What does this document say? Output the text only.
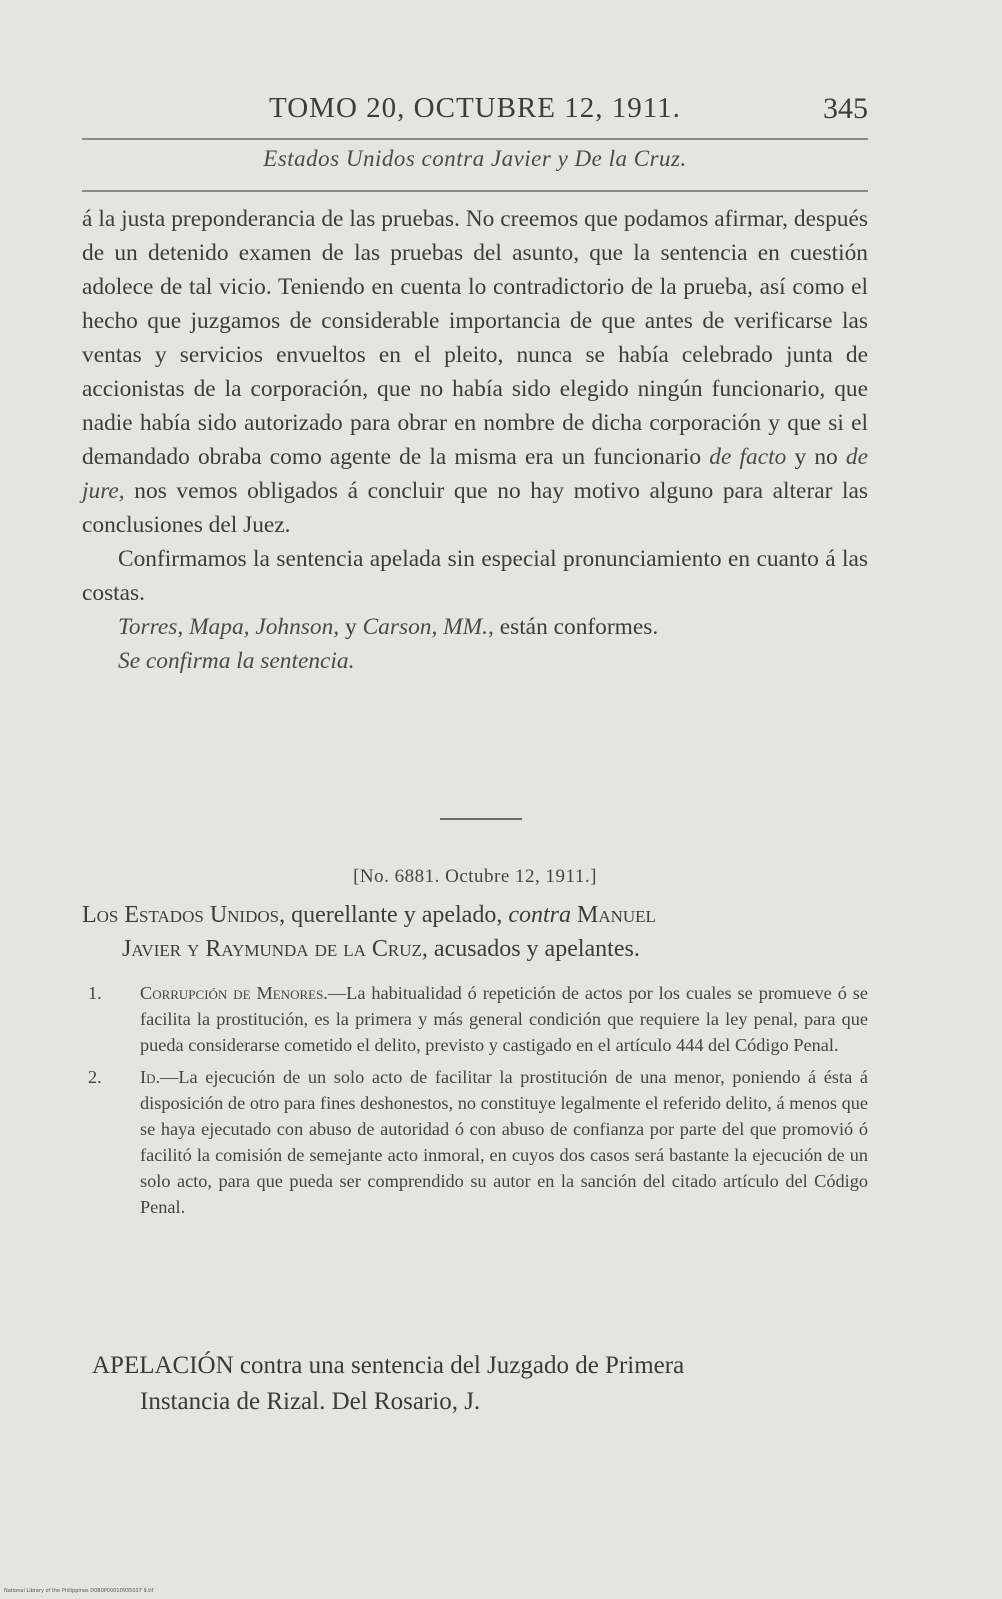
TOMO 20, OCTUBRE 12, 1911.	345
Estados Unidos contra Javier y De la Cruz.

á la justa preponderancia de las pruebas. No creemos que podamos afirmar, después de un detenido examen de las pruebas del asunto, que la sentencia en cuestión adolece de tal vicio. Teniendo en cuenta lo contradictorio de la prueba, así como el hecho que juzgamos de considerable importancia de que antes de verificarse las ventas y servicios envueltos en el pleito, nunca se había celebrado junta de accionistas de la corporación, que no había sido elegido ningún funcionario, que nadie había sido autorizado para obrar en nombre de dicha corporación y que si el demandado obraba como agente de la misma era un funcionario de facto y no de jure, nos vemos obligados á concluir que no hay motivo alguno para alterar las conclusiones del Juez.

Confirmamos la sentencia apelada sin especial pronunciamiento en cuanto á las costas.

Torres, Mapa, Johnson, y Carson, MM., están conformes.

Se confirma la sentencia.

[No. 6881. Octubre 12, 1911.]
Los Estados Unidos, querellante y apelado, contra Manuel
Javier y Raymunda de la Cruz, acusados y apelantes.
1.	Corrupción de Menores.—La habitualidad ó repetición de actos por los cuales se promueve ó se facilita la prostitución, es la primera y más general condición que requiere la ley penal, para que pueda considerarse cometido el delito, previsto y castigado en el artículo 444 del Código Penal.
2.	Id.—La ejecución de un solo acto de facilitar la prostitución de una menor, poniendo á ésta á disposición de otro para fines deshonestos, no constituye legalmente el referido delito, á menos que se haya ejecutado con abuso de autoridad ó con abuso de confianza por parte del que promovió ó facilitó la comisión de semejante acto inmoral, en cuyos dos casos será bastante la ejecución de un solo acto, para que pueda ser comprendido su autor en la sanción del citado artículo del Código Penal.
APELACIÓN contra una sentencia del Juzgado de Primera
Instancia de Rizal. Del Rosario, J.
National Library of the Philippines D0B0P00010935037 9.tif
